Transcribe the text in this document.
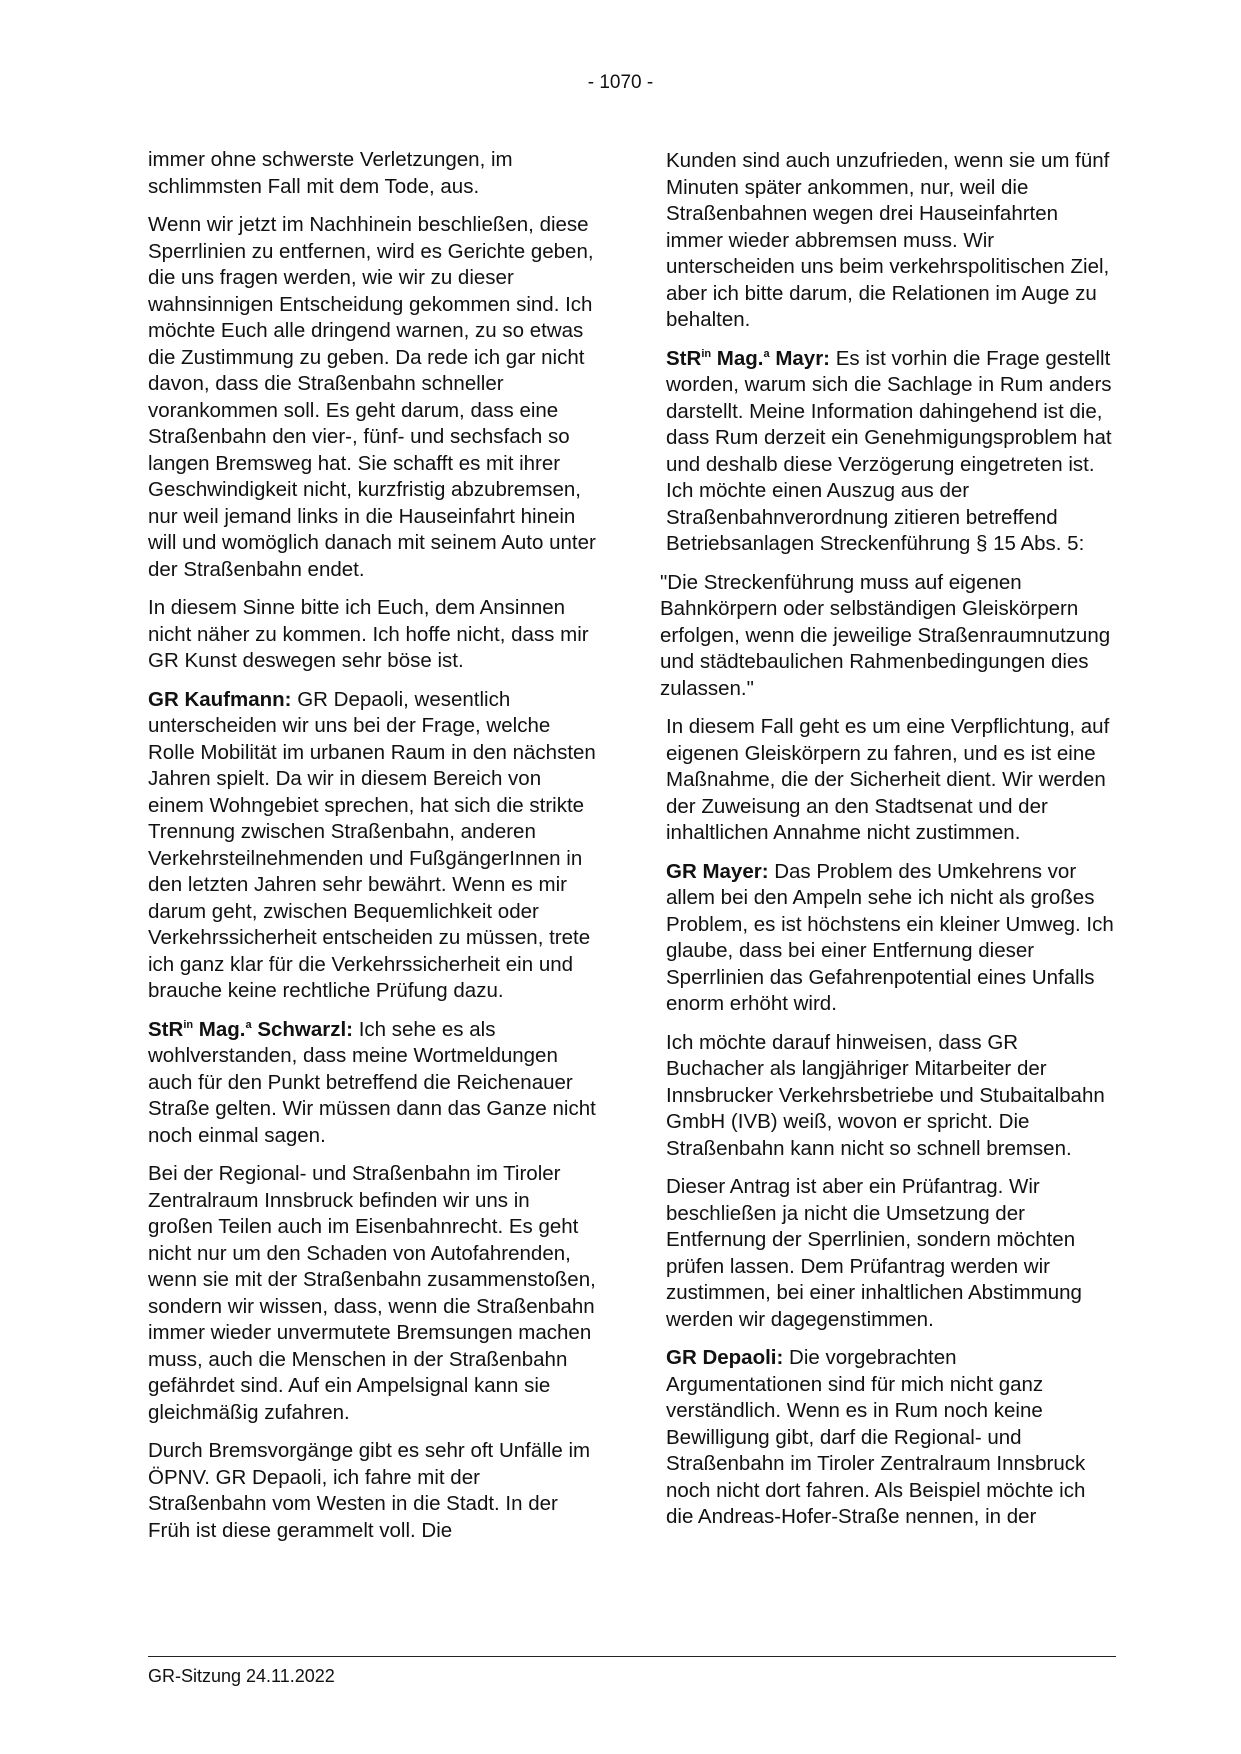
- 1070 -

immer ohne schwerste Verletzungen, im schlimmsten Fall mit dem Tode, aus.

Wenn wir jetzt im Nachhinein beschließen, diese Sperrlinien zu entfernen, wird es Gerichte geben, die uns fragen werden, wie wir zu dieser wahnsinnigen Entscheidung gekommen sind. Ich möchte Euch alle dringend warnen, zu so etwas die Zustimmung zu geben. Da rede ich gar nicht davon, dass die Straßenbahn schneller vorankommen soll. Es geht darum, dass eine Straßenbahn den vier-, fünf- und sechsfach so langen Bremsweg hat. Sie schafft es mit ihrer Geschwindigkeit nicht, kurzfristig abzubremsen, nur weil jemand links in die Hauseinfahrt hinein will und womöglich danach mit seinem Auto unter der Straßenbahn endet.

In diesem Sinne bitte ich Euch, dem Ansinnen nicht näher zu kommen. Ich hoffe nicht, dass mir GR Kunst deswegen sehr böse ist.

GR Kaufmann: GR Depaoli, wesentlich unterscheiden wir uns bei der Frage, welche Rolle Mobilität im urbanen Raum in den nächsten Jahren spielt. Da wir in diesem Bereich von einem Wohngebiet sprechen, hat sich die strikte Trennung zwischen Straßenbahn, anderen Verkehrsteilnehmenden und FußgängerInnen in den letzten Jahren sehr bewährt. Wenn es mir darum geht, zwischen Bequemlichkeit oder Verkehrssicherheit entscheiden zu müssen, trete ich ganz klar für die Verkehrssicherheit ein und brauche keine rechtliche Prüfung dazu.

StR$^{in}$ Mag.$^a$ Schwarzl: Ich sehe es als wohlverstanden, dass meine Wortmeldungen auch für den Punkt betreffend die Reichenauer Straße gelten. Wir müssen dann das Ganze nicht noch einmal sagen.

Bei der Regional- und Straßenbahn im Tiroler Zentralraum Innsbruck befinden wir uns in großen Teilen auch im Eisenbahnrecht. Es geht nicht nur um den Schaden von Autofahrenden, wenn sie mit der Straßenbahn zusammenstoßen, sondern wir wissen, dass, wenn die Straßenbahn immer wieder unvermutete Bremsungen machen muss, auch die Menschen in der Straßenbahn gefährdet sind. Auf ein Ampelsignal kann sie gleichmäßig zufahren.

Durch Bremsvorgänge gibt es sehr oft Unfälle im ÖPNV. GR Depaoli, ich fahre mit der Straßenbahn vom Westen in die Stadt. In der Früh ist diese gerammelt voll. Die

Kunden sind auch unzufrieden, wenn sie um fünf Minuten später ankommen, nur, weil die Straßenbahnen wegen drei Hauseinfahrten immer wieder abbremsen muss. Wir unterscheiden uns beim verkehrspolitischen Ziel, aber ich bitte darum, die Relationen im Auge zu behalten.

StR$^{in}$ Mag.$^a$ Mayr: Es ist vorhin die Frage gestellt worden, warum sich die Sachlage in Rum anders darstellt. Meine Information dahingehend ist die, dass Rum derzeit ein Genehmigungsproblem hat und deshalb diese Verzögerung eingetreten ist. Ich möchte einen Auszug aus der Straßenbahnverordnung zitieren betreffend Betriebsanlagen Streckenführung § 15 Abs. 5:

"Die Streckenführung muss auf eigenen Bahnkörpern oder selbständigen Gleiskörpern erfolgen, wenn die jeweilige Straßenraumnutzung und städtebaulichen Rahmenbedingungen dies zulassen."

In diesem Fall geht es um eine Verpflichtung, auf eigenen Gleiskörpern zu fahren, und es ist eine Maßnahme, die der Sicherheit dient. Wir werden der Zuweisung an den Stadtsenat und der inhaltlichen Annahme nicht zustimmen.

GR Mayer: Das Problem des Umkehrens vor allem bei den Ampeln sehe ich nicht als großes Problem, es ist höchstens ein kleiner Umweg. Ich glaube, dass bei einer Entfernung dieser Sperrlinien das Gefahrenpotential eines Unfalls enorm erhöht wird.

Ich möchte darauf hinweisen, dass GR Buchacher als langjähriger Mitarbeiter der Innsbrucker Verkehrsbetriebe und Stubaitalbahn GmbH (IVB) weiß, wovon er spricht. Die Straßenbahn kann nicht so schnell bremsen.

Dieser Antrag ist aber ein Prüfantrag. Wir beschließen ja nicht die Umsetzung der Entfernung der Sperrlinien, sondern möchten prüfen lassen. Dem Prüfantrag werden wir zustimmen, bei einer inhaltlichen Abstimmung werden wir dagegenstimmen.

GR Depaoli: Die vorgebrachten Argumentationen sind für mich nicht ganz verständlich. Wenn es in Rum noch keine Bewilligung gibt, darf die Regional- und Straßenbahn im Tiroler Zentralraum Innsbruck noch nicht dort fahren. Als Beispiel möchte ich die Andreas-Hofer-Straße nennen, in der

GR-Sitzung 24.11.2022
